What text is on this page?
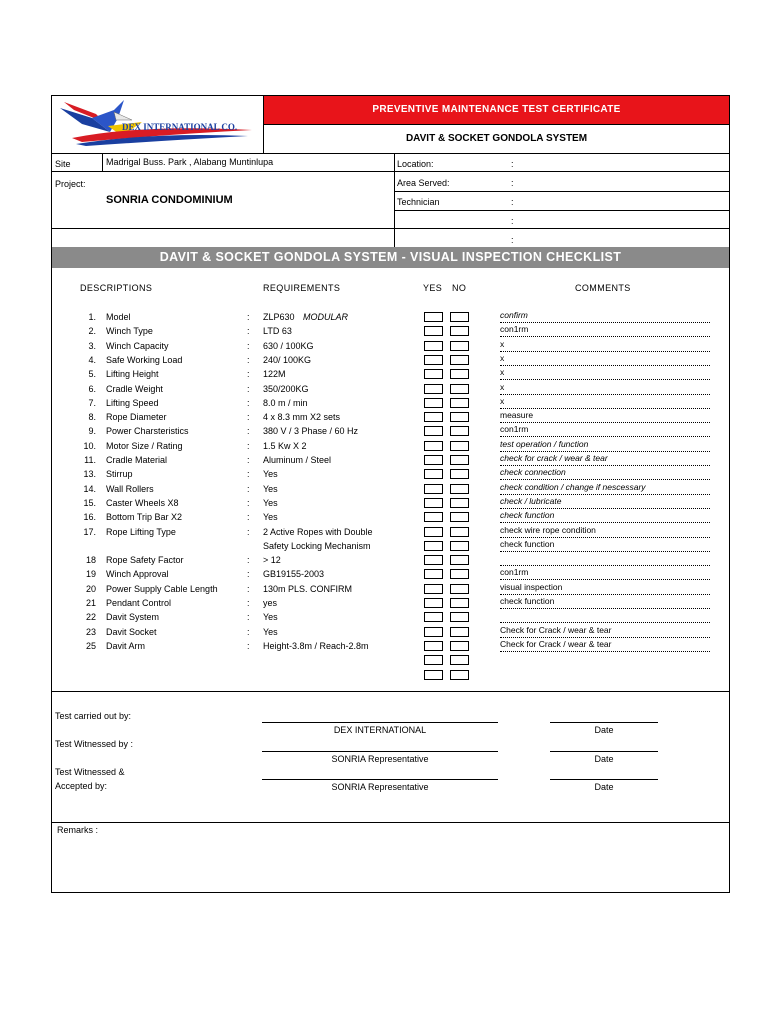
DEX INTERNATIONAL CO.
PREVENTIVE MAINTENANCE TEST CERTIFICATE
DAVIT & SOCKET GONDOLA SYSTEM
Site	Madrigal Buss. Park , Alabang Muntinlupa
Project:
SONRIA CONDOMINIUM
Location:	:
Area Served:	:
Technician	:
:
:
DAVIT & SOCKET GONDOLA SYSTEM - VISUAL INSPECTION CHECKLIST
DESCRIPTIONS	REQUIREMENTS	YES NO	COMMENTS
1. Model	: ZLP630 MODULAR	confirm
2. Winch Type	: LTD 63	con1rm
3. Winch Capacity	: 630 / 100KG	x
4. Safe Working Load	: 240/ 100KG	x
5. Lifting Height	: 122M	x
6. Cradle Weight	: 350/200KG	x
7. Lifting Speed	: 8.0 m / min	x
8. Rope Diameter	: 4 x 8.3 mm X2 sets	measure
9. Power Charsteristics	: 380 V / 3 Phase / 60 Hz	con1rm
10. Motor Size / Rating	: 1.5 Kw X 2	test operation / function
11. Cradle Material	: Aluminum / Steel	check for crack / wear & tear
13. Stirrup	: Yes	check connection
14. Wall Rollers	: Yes	check condition / change if nescessary
15. Caster Wheels X8	: Yes	check / lubricate
16. Bottom Trip Bar X2	: Yes	check function
17. Rope Lifting Type	: 2 Active Ropes with Double	check wire rope condition
Safety Locking Mechanism	check function
18 Rope Safety Factor	: > 12
19 Winch Approval	: GB19155-2003	con1rm
20 Power Supply Cable Length	: 130m PLS. CONFIRM	visual inspection
21 Pendant Control	: yes	check function
22 Davit System	: Yes
23 Davit Socket	: Yes	Check for Crack / wear & tear
25 Davit Arm	: Height-3.8m / Reach-2.8m	Check for Crack / wear & tear
Test carried out by:
DEX INTERNATIONAL	Date
Test Witnessed by :
SONRIA Representative	Date
Test Witnessed &
Accepted by:	SONRIA Representative	Date
Remarks :
